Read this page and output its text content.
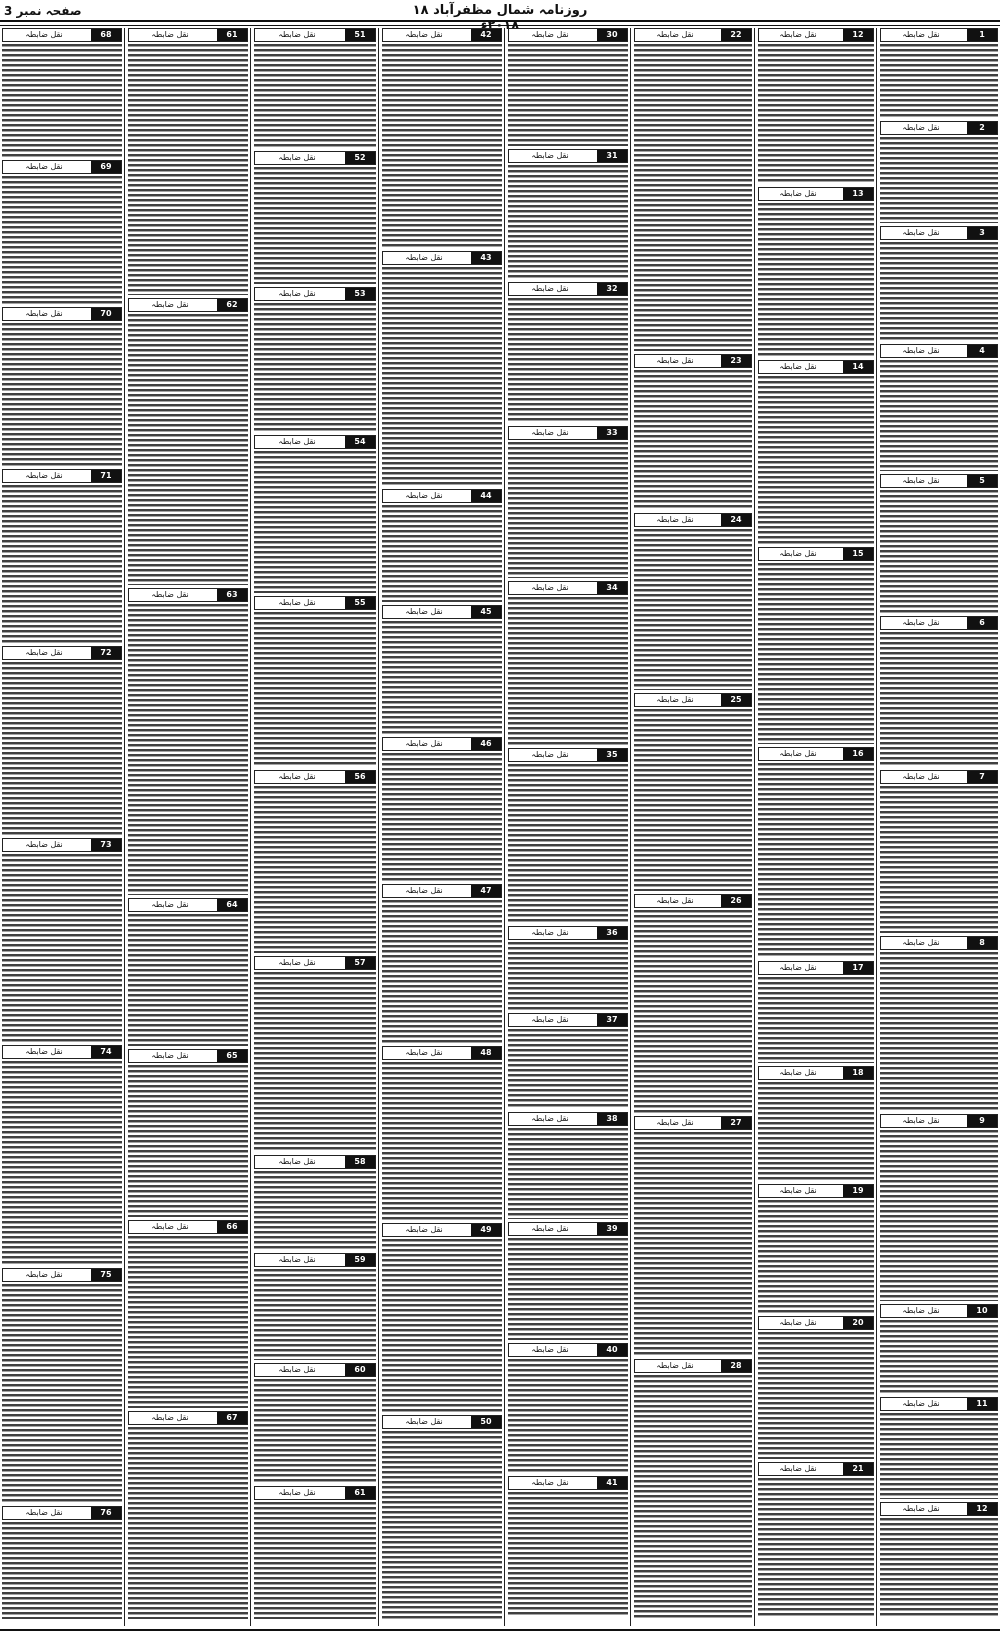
صفحہ نمبر 3	روزنامہ شمال مظفرآباد ۱۸
نقل ضابطہ	1
نقل ضابطہ	2
نقل ضابطہ	3
نقل ضابطہ	4
نقل ضابطہ	5
نقل ضابطہ	6
نقل ضابطہ	7
نقل ضابطہ	8
نقل ضابطہ	9
نقل ضابطہ	10
نقل ضابطہ	11
نقل ضابطہ	12
نقل ضابطہ	12
نقل ضابطہ	13
نقل ضابطہ	14
نقل ضابطہ	15
نقل ضابطہ	16
نقل ضابطہ	17
نقل ضابطہ	18
نقل ضابطہ	19
نقل ضابطہ	20
نقل ضابطہ	21
نقل ضابطہ	22
نقل ضابطہ	23
نقل ضابطہ	24
نقل ضابطہ	25
نقل ضابطہ	26
نقل ضابطہ	27
نقل ضابطہ	28
نقل ضابطہ	30
نقل ضابطہ	31
نقل ضابطہ	32
نقل ضابطہ	33
نقل ضابطہ	34
نقل ضابطہ	35
نقل ضابطہ	36
نقل ضابطہ	37
نقل ضابطہ	38
نقل ضابطہ	39
نقل ضابطہ	40
نقل ضابطہ	41
نقل ضابطہ	42
نقل ضابطہ	43
نقل ضابطہ	44
نقل ضابطہ	45
نقل ضابطہ	46
نقل ضابطہ	47
نقل ضابطہ	48
نقل ضابطہ	49
نقل ضابطہ	50
نقل ضابطہ	51
نقل ضابطہ	52
نقل ضابطہ	53
نقل ضابطہ	54
نقل ضابطہ	55
نقل ضابطہ	56
نقل ضابطہ	57
نقل ضابطہ	58
نقل ضابطہ	59
نقل ضابطہ	60
نقل ضابطہ	61
نقل ضابطہ	61
نقل ضابطہ	62
نقل ضابطہ	63
نقل ضابطہ	64
نقل ضابطہ	65
نقل ضابطہ	66
نقل ضابطہ	67
نقل ضابطہ	68
نقل ضابطہ	69
نقل ضابطہ	70
نقل ضابطہ	71
نقل ضابطہ	72
نقل ضابطہ	73
نقل ضابطہ	74
نقل ضابطہ	75
نقل ضابطہ	76
